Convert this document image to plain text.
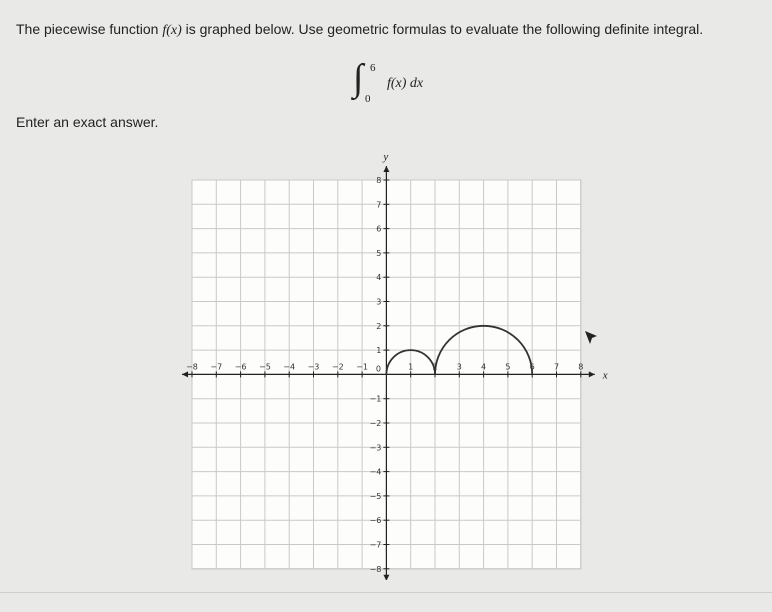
The piecewise function f(x) is graphed below. Use geometric formulas to evaluate the following definite integral.
∫ 6
0
f(x) dx
Enter an exact answer.
−8 −7 −6 −5 −4 −3 −2 −1 0	1 2 3 4 5 6 7 8
8
7
6
5
4
3
2
1
−1
−2
−3
−4
−5
−6
−7
−8
x
y
